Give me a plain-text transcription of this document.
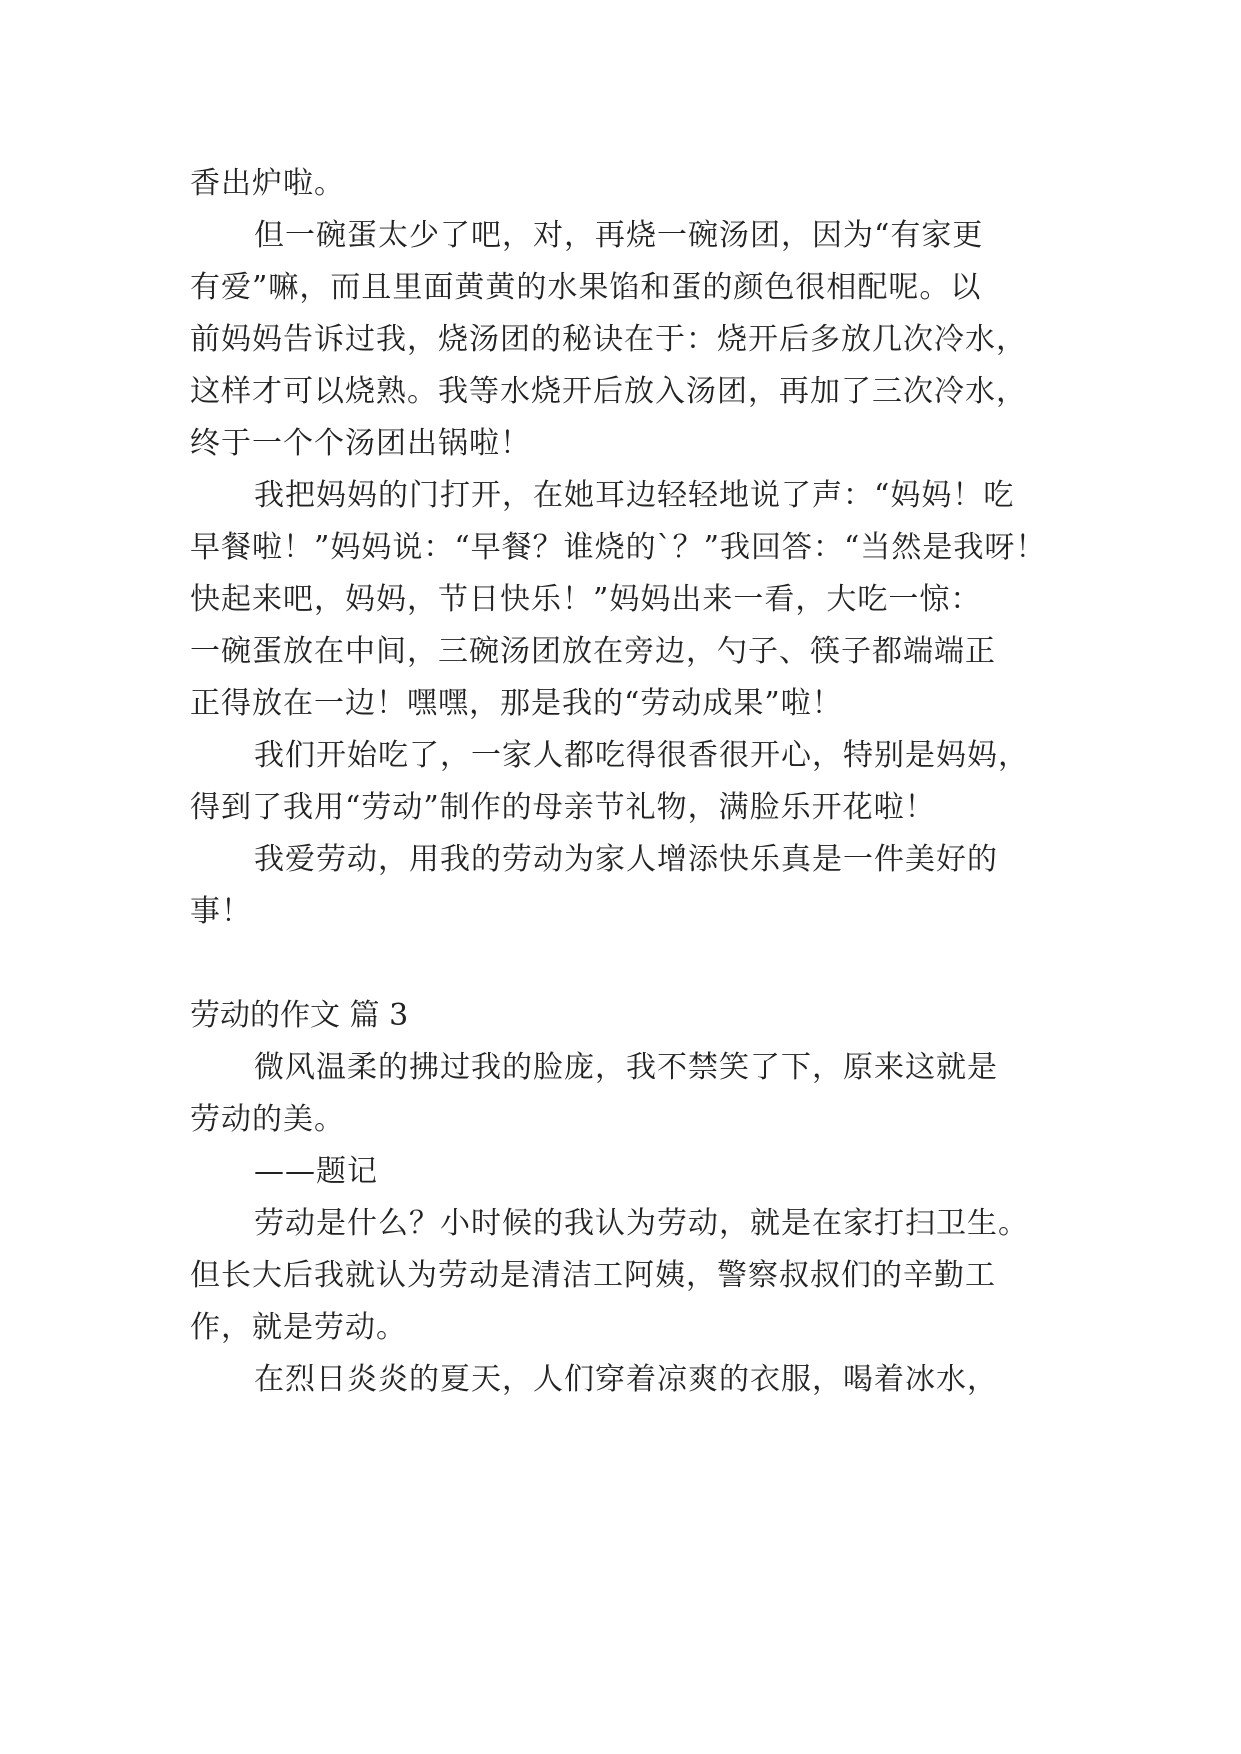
香出炉啦。
但一碗蛋太少了吧，对，再烧一碗汤团，因为“有家更
有爱”嘛，而且里面黄黄的水果馅和蛋的颜色很相配呢。以
前妈妈告诉过我，烧汤团的秘诀在于：烧开后多放几次冷水，
这样才可以烧熟。我等水烧开后放入汤团，再加了三次冷水，
终于一个个汤团出锅啦！
我把妈妈的门打开，在她耳边轻轻地说了声：“妈妈！吃
早餐啦！”妈妈说：“早餐？谁烧的`？”我回答：“当然是我呀！
快起来吧，妈妈，节日快乐！”妈妈出来一看，大吃一惊：
一碗蛋放在中间，三碗汤团放在旁边，勺子、筷子都端端正
正得放在一边！嘿嘿，那是我的“劳动成果”啦！
我们开始吃了，一家人都吃得很香很开心，特别是妈妈，
得到了我用“劳动”制作的母亲节礼物，满脸乐开花啦！
我爱劳动，用我的劳动为家人增添快乐真是一件美好的
事！
劳动的作文 篇 3
微风温柔的拂过我的脸庞，我不禁笑了下，原来这就是
劳动的美。
——题记
劳动是什么？小时候的我认为劳动，就是在家打扫卫生。
但长大后我就认为劳动是清洁工阿姨，警察叔叔们的辛勤工
作，就是劳动。
在烈日炎炎的夏天，人们穿着凉爽的衣服，喝着冰水，
